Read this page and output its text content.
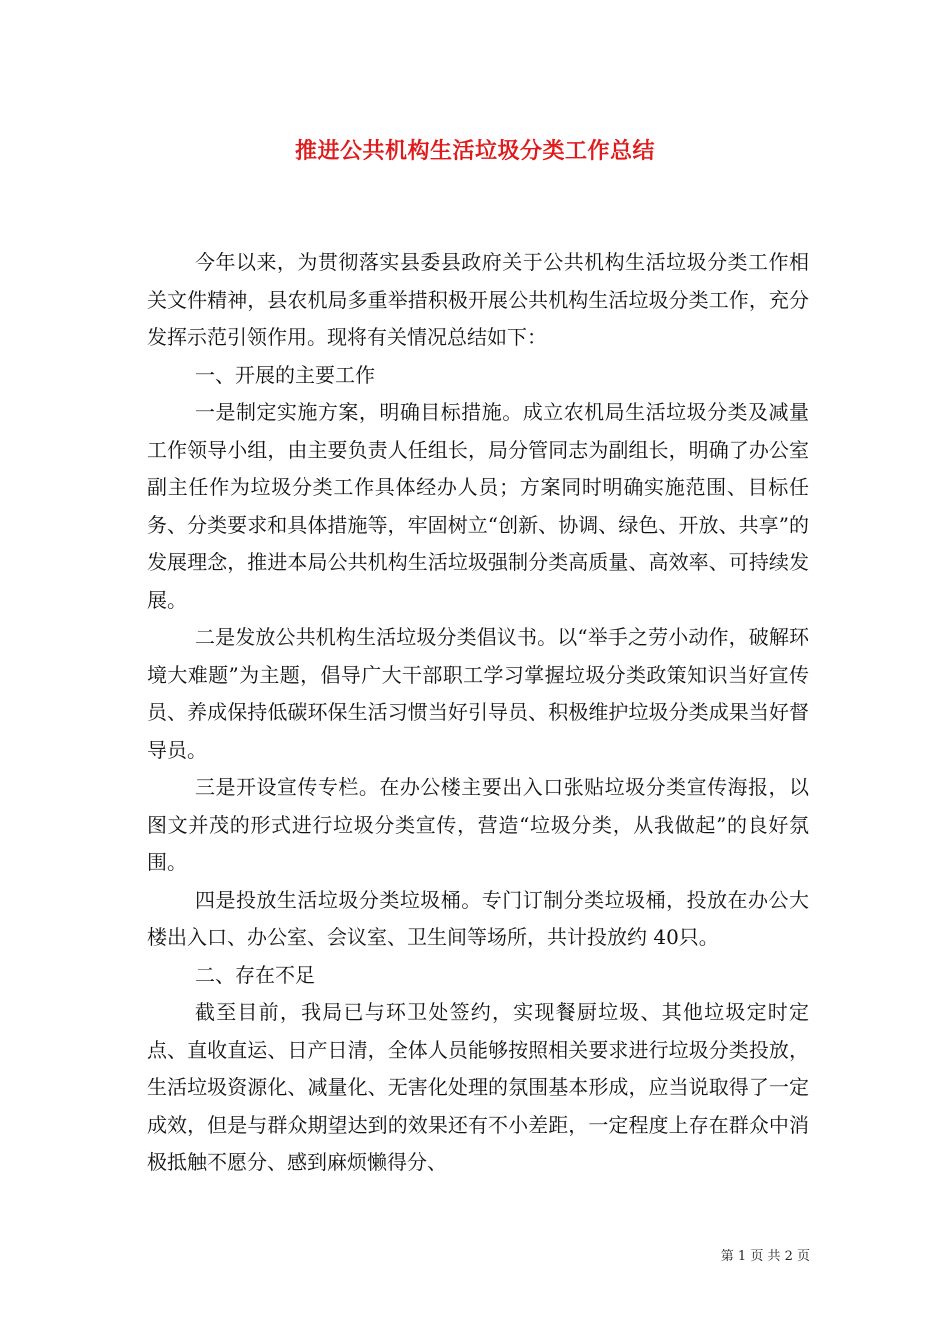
推进公共机构生活垃圾分类工作总结

今年以来，为贯彻落实县委县政府关于公共机构生活垃圾分类工作相关文件精神，县农机局多重举措积极开展公共机构生活垃圾分类工作，充分发挥示范引领作用。现将有关情况总结如下：

一、开展的主要工作

一是制定实施方案，明确目标措施。成立农机局生活垃圾分类及减量工作领导小组，由主要负责人任组长，局分管同志为副组长，明确了办公室副主任作为垃圾分类工作具体经办人员；方案同时明确实施范围、目标任务、分类要求和具体措施等，牢固树立“创新、协调、绿色、开放、共享”的发展理念，推进本局公共机构生活垃圾强制分类高质量、高效率、可持续发展。

二是发放公共机构生活垃圾分类倡议书。以“举手之劳小动作，破解环境大难题”为主题，倡导广大干部职工学习掌握垃圾分类政策知识当好宣传员、养成保持低碳环保生活习惯当好引导员、积极维护垃圾分类成果当好督导员。

三是开设宣传专栏。在办公楼主要出入口张贴垃圾分类宣传海报，以图文并茂的形式进行垃圾分类宣传，营造“垃圾分类，从我做起”的良好氛围。

四是投放生活垃圾分类垃圾桶。专门订制分类垃圾桶，投放在办公大楼出入口、办公室、会议室、卫生间等场所，共计投放约 40只。

二、存在不足

截至目前，我局已与环卫处签约，实现餐厨垃圾、其他垃圾定时定点、直收直运、日产日清，全体人员能够按照相关要求进行垃圾分类投放，生活垃圾资源化、减量化、无害化处理的氛围基本形成，应当说取得了一定成效，但是与群众期望达到的效果还有不小差距，一定程度上存在群众中消极抵触不愿分、感到麻烦懒得分、

第 1 页 共 2 页
